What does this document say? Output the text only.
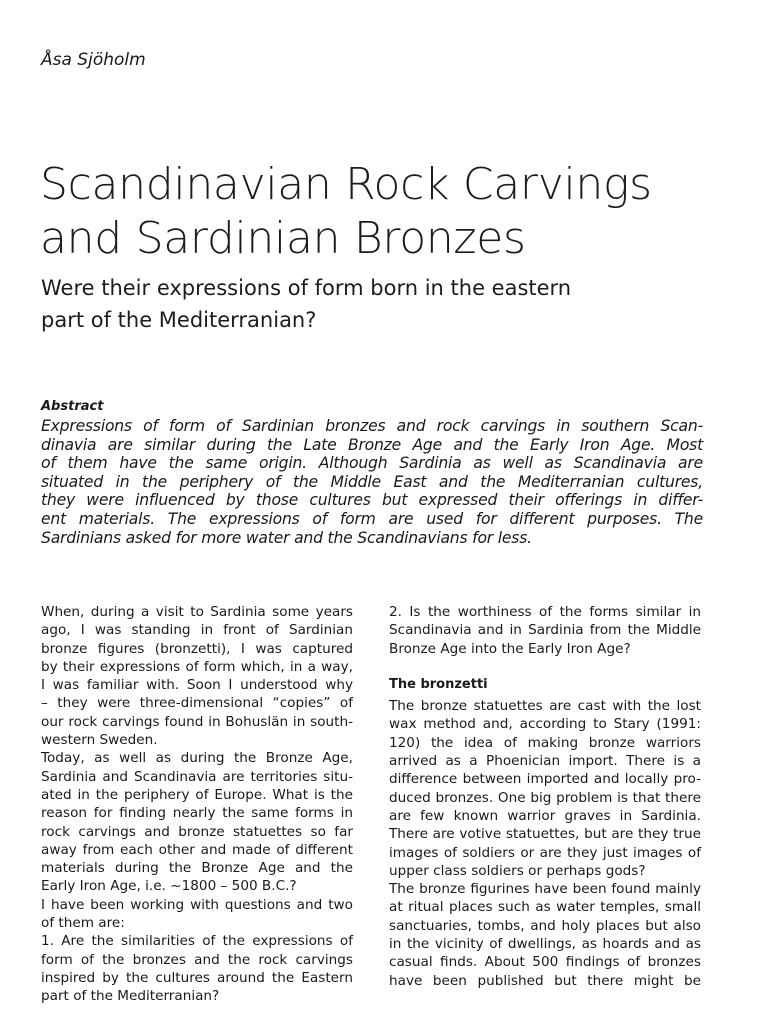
Åsa Sjöholm
Scandinavian Rock Carvings
and Sardinian Bronzes
Were their expressions of form born in the eastern
part of the Mediterranian?
Abstract
Expressions of form of Sardinian bronzes and rock carvings in southern Scan-
dinavia are similar during the Late Bronze Age and the Early Iron Age. Most
of them have the same origin. Although Sardinia as well as Scandinavia are
situated in the periphery of the Middle East and the Mediterranian cultures,
they were influenced by those cultures but expressed their offerings in differ-
ent materials. The expressions of form are used for different purposes. The
Sardinians asked for more water and the Scandinavians for less.
When, during a visit to Sardinia some years
ago, I was standing in front of Sardinian
bronze figures (bronzetti), I was captured
by their expressions of form which, in a way,
I was familiar with. Soon I understood why
– they were three-dimensional “copies” of
our rock carvings found in Bohuslän in south-
western Sweden.
Today, as well as during the Bronze Age,
Sardinia and Scandinavia are territories situ-
ated in the periphery of Europe. What is the
reason for finding nearly the same forms in
rock carvings and bronze statuettes so far
away from each other and made of different
materials during the Bronze Age and the
Early Iron Age, i.e. ~1800 – 500 B.C.?
I have been working with questions and two
of them are:
1. Are the similarities of the expressions of
form of the bronzes and the rock carvings
inspired by the cultures around the Eastern
part of the Mediterranian?
2. Is the worthiness of the forms similar in
Scandinavia and in Sardinia from the Middle
Bronze Age into the Early Iron Age?
The bronzetti
The bronze statuettes are cast with the lost
wax method and, according to Stary (1991:
120) the idea of making bronze warriors
arrived as a Phoenician import. There is a
difference between imported and locally pro-
duced bronzes. One big problem is that there
are few known warrior graves in Sardinia.
There are votive statuettes, but are they true
images of soldiers or are they just images of
upper class soldiers or perhaps gods?
The bronze figurines have been found mainly
at ritual places such as water temples, small
sanctuaries, tombs, and holy places but also
in the vicinity of dwellings, as hoards and as
casual finds. About 500 findings of bronzes
have been published but there might be
